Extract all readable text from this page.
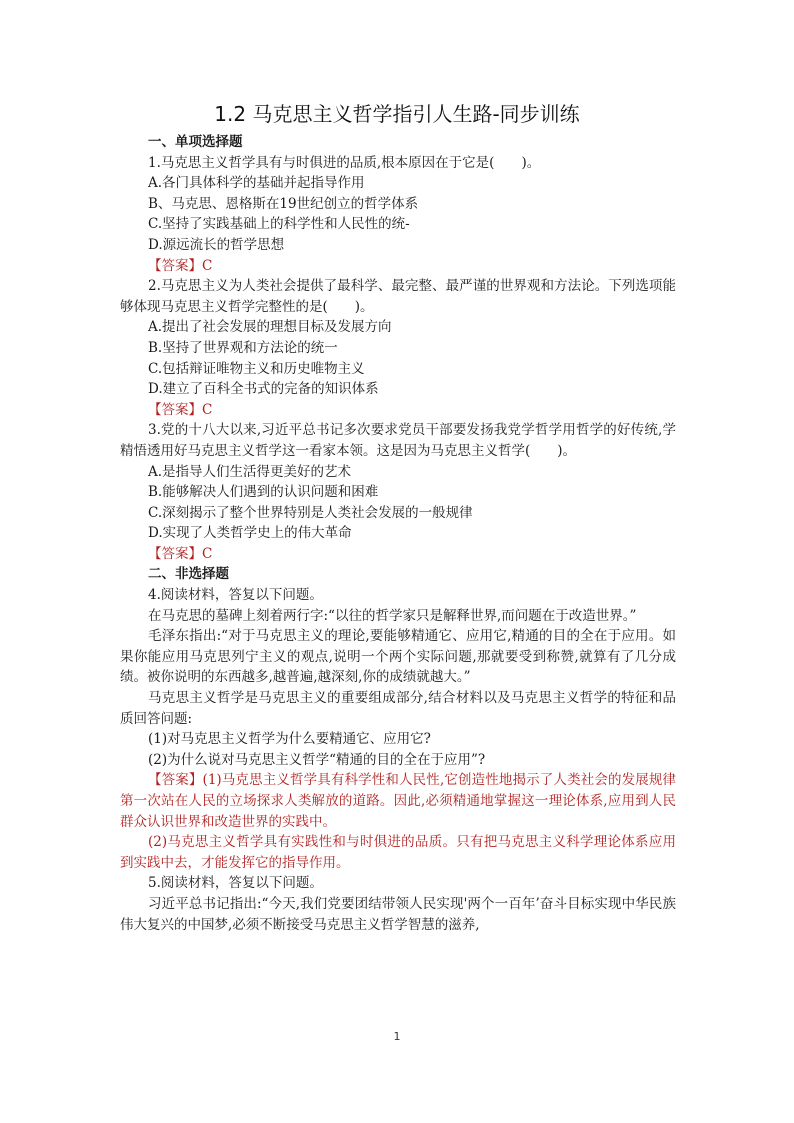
1.2 马克思主义哲学指引人生路-同步训练

一、单项选择题

1.马克思主义哲学具有与时俱进的品质,根本原因在于它是(　　)。

A.各门具体科学的基础并起指导作用

B、马克思、恩格斯在19世纪创立的哲学体系

C.坚持了实践基础上的科学性和人民性的统-

D.源远流长的哲学思想

【答案】C

2.马克思主义为人类社会提供了最科学、最完整、最严谨的世界观和方法论。下列选项能够体现马克思主义哲学完整性的是(　　)。

A.提出了社会发展的理想目标及发展方向

B.坚持了世界观和方法论的统一

C.包括辩证唯物主义和历史唯物主义

D.建立了百科全书式的完备的知识体系

【答案】C

3.党的十八大以来,习近平总书记多次要求党员干部要发扬我党学哲学用哲学的好传统,学精悟透用好马克思主义哲学这一看家本领。这是因为马克思主义哲学(　　)。

A.是指导人们生活得更美好的艺术

B.能够解决人们遇到的认识问题和困难

C.深刻揭示了整个世界特别是人类社会发展的一般规律

D.实现了人类哲学史上的伟大革命

【答案】C

二、非选择题

4.阅读材料，答复以下问题。

在马克思的墓碑上刻着两行字:“以往的哲学家只是解释世界,而问题在于改造世界。”

毛泽东指出:“对于马克思主义的理论,要能够精通它、应用它,精通的目的全在于应用。如果你能应用马克思列宁主义的观点,说明一个两个实际问题,那就要受到称赞,就算有了几分成绩。被你说明的东西越多,越普遍,越深刻,你的成绩就越大。”

马克思主义哲学是马克思主义的重要组成部分,结合材料以及马克思主义哲学的特征和品质回答问题:

(1)对马克思主义哲学为什么要精通它、应用它?

(2)为什么说对马克思主义哲学“精通的目的全在于应用”?

【答案】(1)马克思主义哲学具有科学性和人民性,它创造性地揭示了人类社会的发展规律第一次站在人民的立场探求人类解放的道路。因此,必须精通地掌握这一理论体系,应用到人民群众认识世界和改造世界的实践中。

(2)马克思主义哲学具有实践性和与时俱进的品质。只有把马克思主义科学理论体系应用到实践中去，才能发挥它的指导作用。

5.阅读材料，答复以下问题。

习近平总书记指出:“今天,我们党要团结带领人民实现'两个一百年’奋斗目标实现中华民族伟大复兴的中国梦,必须不断接受马克思主义哲学智慧的滋养,

1
